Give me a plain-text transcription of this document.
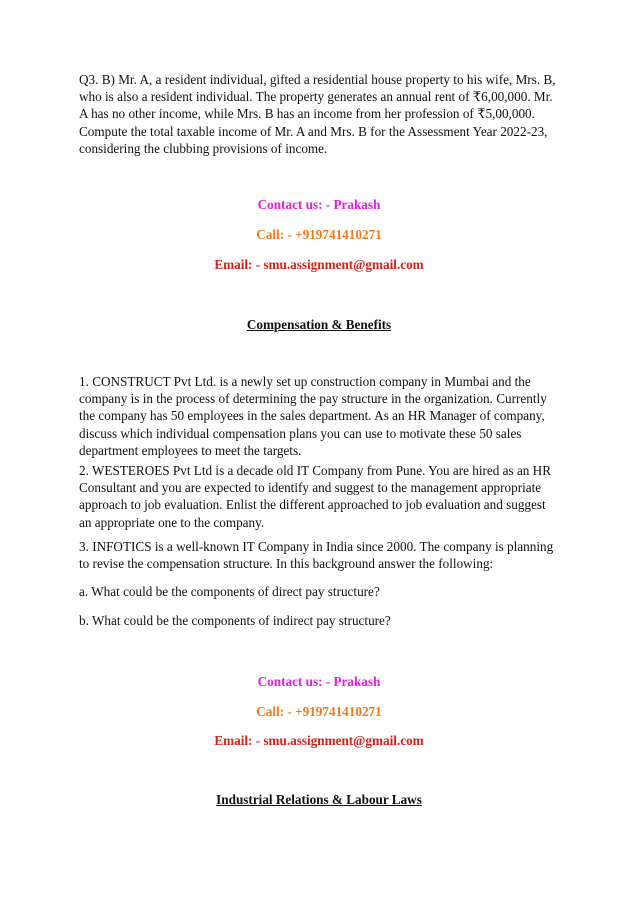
Q3. B) Mr. A, a resident individual, gifted a residential house property to his wife, Mrs. B, who is also a resident individual. The property generates an annual rent of ₹6,00,000. Mr. A has no other income, while Mrs. B has an income from her profession of ₹5,00,000. Compute the total taxable income of Mr. A and Mrs. B for the Assessment Year 2022-23, considering the clubbing provisions of income.

Contact us: - Prakash

Call: - +919741410271

Email: - smu.assignment@gmail.com

Compensation & Benefits

1. CONSTRUCT Pvt Ltd. is a newly set up construction company in Mumbai and the company is in the process of determining the pay structure in the organization. Currently the company has 50 employees in the sales department. As an HR Manager of company, discuss which individual compensation plans you can use to motivate these 50 sales department employees to meet the targets.

2. WESTEROES Pvt Ltd is a decade old IT Company from Pune. You are hired as an HR Consultant and you are expected to identify and suggest to the management appropriate approach to job evaluation. Enlist the different approached to job evaluation and suggest an appropriate one to the company.

3. INFOTICS is a well-known IT Company in India since 2000. The company is planning to revise the compensation structure. In this background answer the following:

a. What could be the components of direct pay structure?

b. What could be the components of indirect pay structure?

Contact us: - Prakash

Call: - +919741410271

Email: - smu.assignment@gmail.com

Industrial Relations & Labour Laws
